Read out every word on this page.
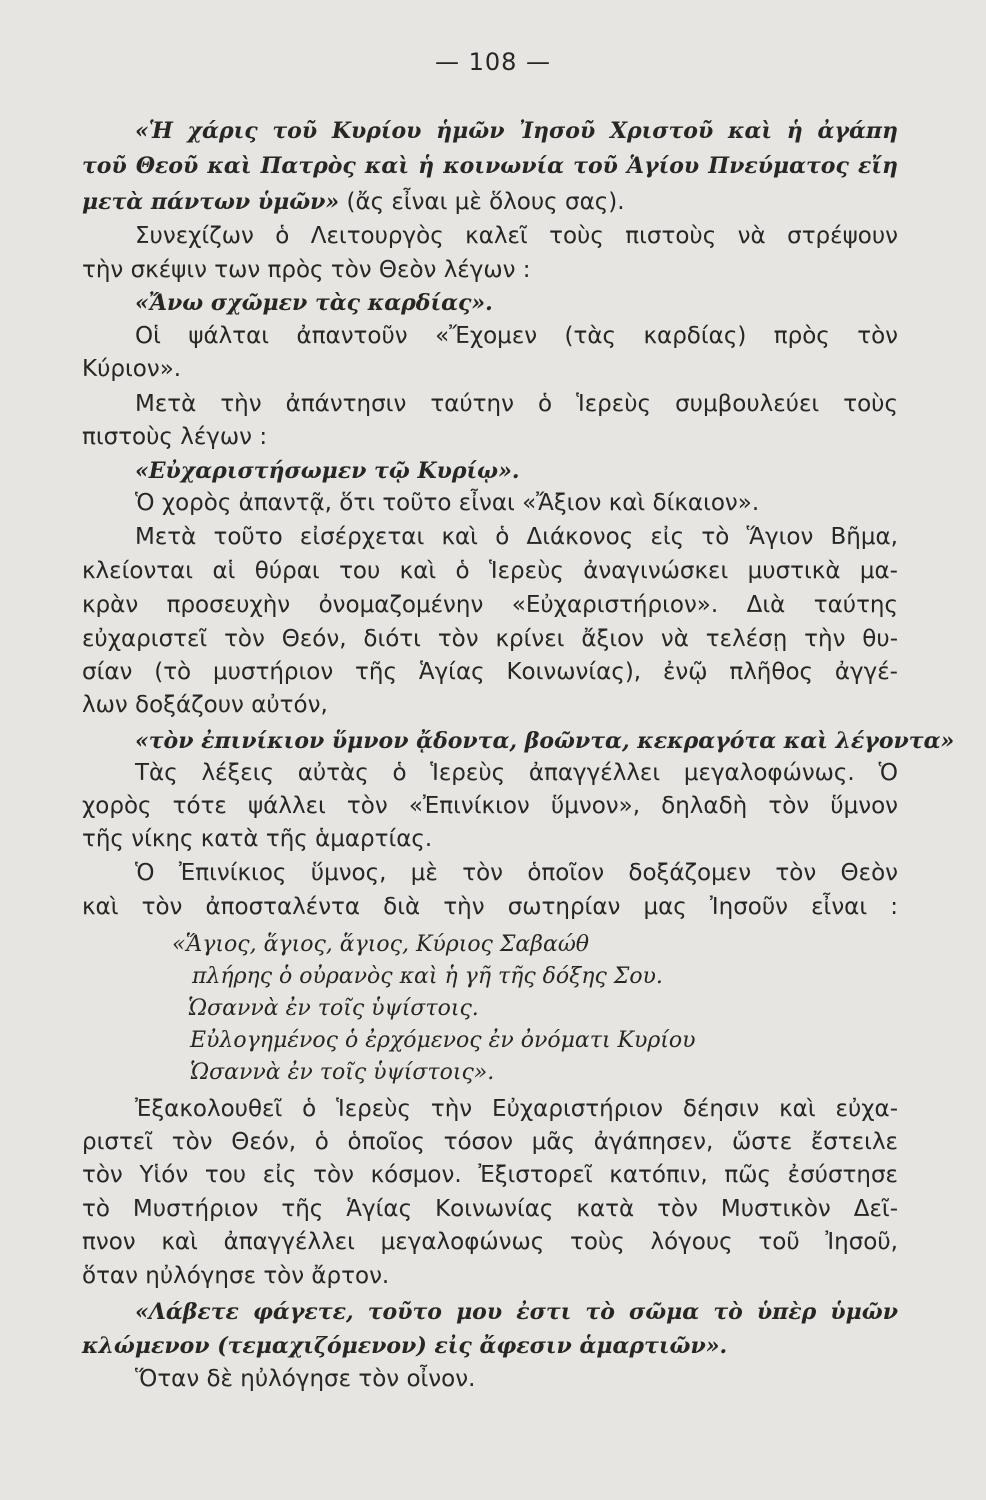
— 108 —
«Ἡ χάρις τοῦ Κυρίου ἡμῶν Ἰησοῦ Χριστοῦ καὶ ἡ ἀγάπη
τοῦ Θεοῦ καὶ Πατρὸς καὶ ἡ κοινωνία τοῦ Ἁγίου Πνεύματος εἴη
μετὰ πάντων ὑμῶν» (ἄς εἶναι μὲ ὅλους σας).
Συνεχίζων ὁ Λειτουργὸς καλεῖ τοὺς πιστοὺς νὰ στρέψουν
τὴν σκέψιν των πρὸς τὸν Θεὸν λέγων :
«Ἄνω σχῶμεν τὰς καρδίας».
Οἱ ψάλται ἀπαντοῦν «Ἔχομεν (τὰς καρδίας) πρὸς τὸν
Κύριον».
Μετὰ τὴν ἀπάντησιν ταύτην ὁ Ἱερεὺς συμβουλεύει τοὺς
πιστοὺς λέγων :
«Εὐχαριστήσωμεν τῷ Κυρίῳ».
Ὁ χορὸς ἀπαντᾷ, ὅτι τοῦτο εἶναι «Ἄξιον καὶ δίκαιον».
Μετὰ τοῦτο εἰσέρχεται καὶ ὁ Διάκονος εἰς τὸ Ἅγιον Βῆμα,
κλείονται αἱ θύραι του καὶ ὁ Ἱερεὺς ἀναγινώσκει μυστικὰ μα-
κρὰν προσευχὴν ὀνομαζομένην «Εὐχαριστήριον». Διὰ ταύτης
εὐχαριστεῖ τὸν Θεόν, διότι τὸν κρίνει ἄξιον νὰ τελέσῃ τὴν θυ-
σίαν (τὸ μυστήριον τῆς Ἁγίας Κοινωνίας), ἐνῷ πλῆθος ἀγγέ-
λων δοξάζουν αὐτόν,
«τὸν ἐπινίκιον ὕμνον ᾄδοντα, βοῶντα, κεκραγότα καὶ λέγοντα»
Τὰς λέξεις αὐτὰς ὁ Ἱερεὺς ἀπαγγέλλει μεγαλοφώνως. Ὁ
χορὸς τότε ψάλλει τὸν «Ἐπινίκιον ὕμνον», δηλαδὴ τὸν ὕμνον
τῆς νίκης κατὰ τῆς ἁμαρτίας.
Ὁ Ἐπινίκιος ὕμνος, μὲ τὸν ὁποῖον δοξάζομεν τὸν Θεὸν
καὶ τὸν ἀποσταλέντα διὰ τὴν σωτηρίαν μας Ἰησοῦν εἶναι :
«Ἅγιος, ἅγιος, ἅγιος, Κύριος Σαβαώθ
πλήρης ὁ οὐρανὸς καὶ ἡ γῆ τῆς δόξης Σου.
Ὡσαννὰ ἐν τοῖς ὑψίστοις.
Εὐλογημένος ὁ ἐρχόμενος ἐν ὀνόματι Κυρίου
Ὡσαννὰ ἐν τοῖς ὑψίστοις».
Ἐξακολουθεῖ ὁ Ἱερεὺς τὴν Εὐχαριστήριον δέησιν καὶ εὐχα-
ριστεῖ τὸν Θεόν, ὁ ὁποῖος τόσον μᾶς ἀγάπησεν, ὥστε ἔστειλε
τὸν Υἱόν του εἰς τὸν κόσμον. Ἐξιστορεῖ κατόπιν, πῶς ἐσύστησε
τὸ Μυστήριον τῆς Ἁγίας Κοινωνίας κατὰ τὸν Μυστικὸν Δεῖ-
πνον καὶ ἀπαγγέλλει μεγαλοφώνως τοὺς λόγους τοῦ Ἰησοῦ,
ὅταν ηὐλόγησε τὸν ἄρτον.
«Λάβετε φάγετε, τοῦτο μου ἐστι τὸ σῶμα τὸ ὑπὲρ ὑμῶν
κλώμενον (τεμαχιζόμενον) εἰς ἄφεσιν ἁμαρτιῶν».
Ὅταν δὲ ηὐλόγησε τὸν οἶνον.
